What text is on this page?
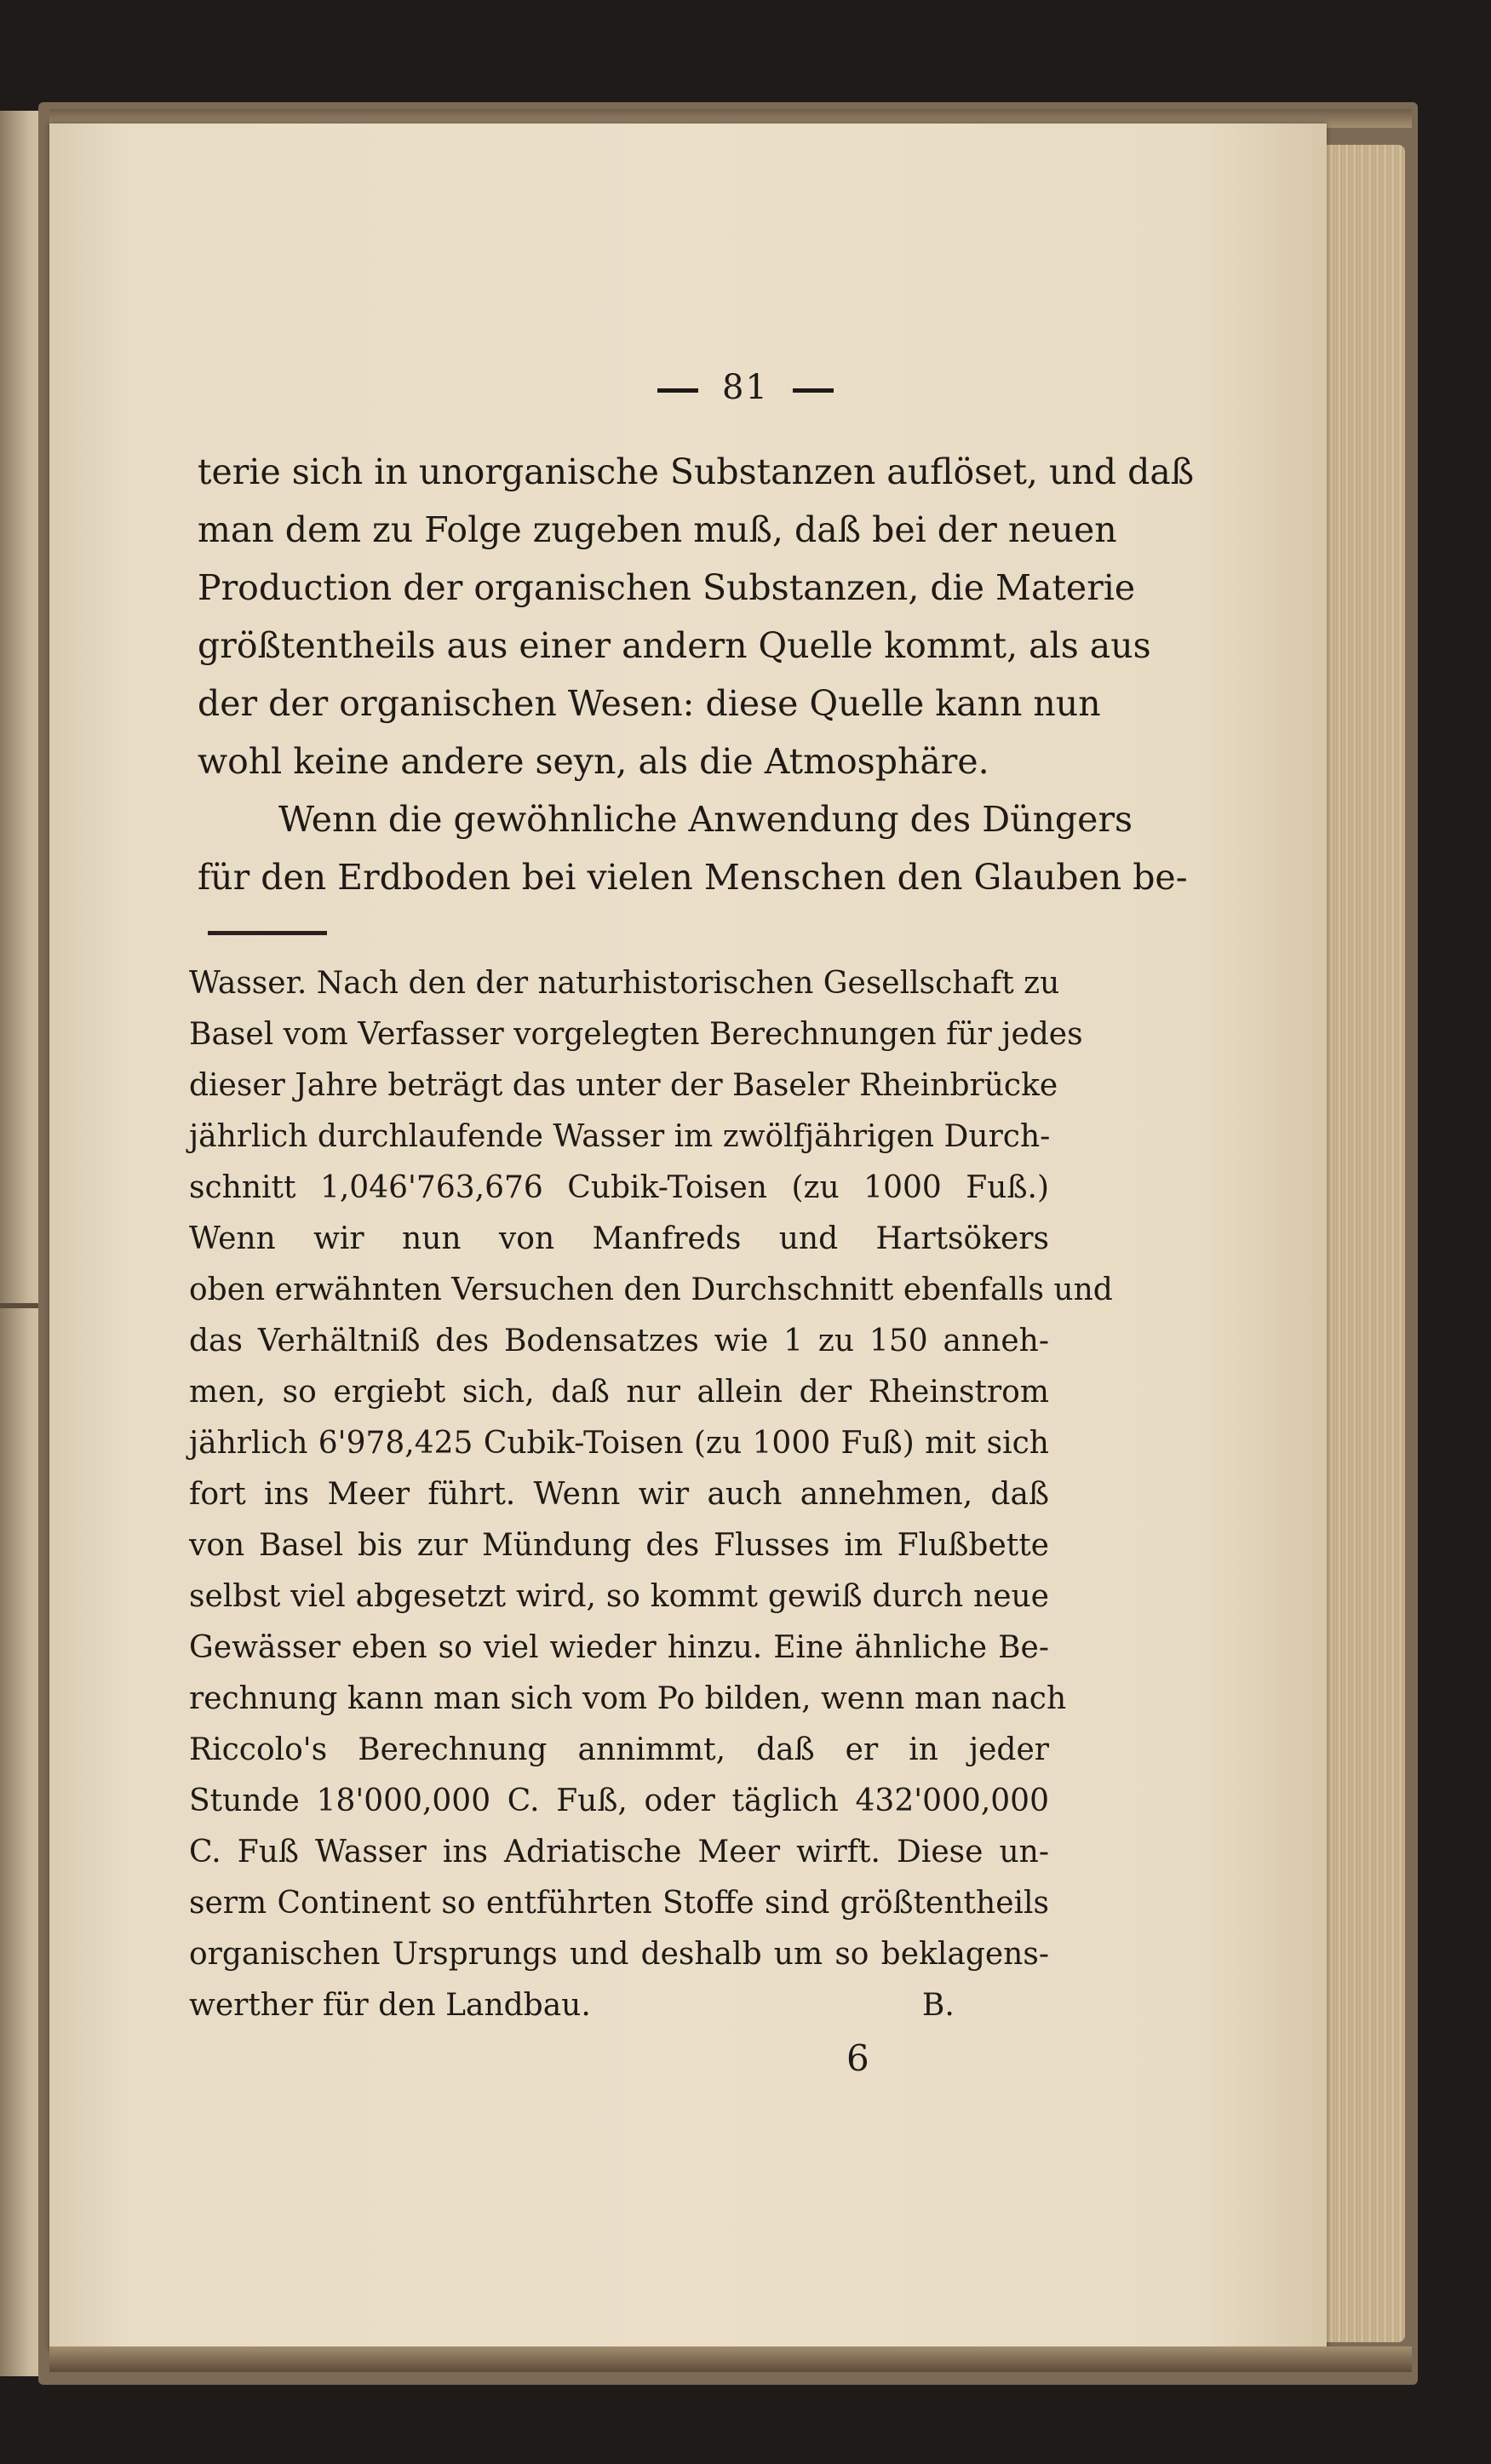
81
terie sich in unorganische Substanzen auflöset, und daß
man dem zu Folge zugeben muß, daß bei der neuen
Production der organischen Substanzen, die Materie
größtentheils aus einer andern Quelle kommt, als aus
der der organischen Wesen: diese Quelle kann nun
wohl keine andere seyn, als die Atmosphäre.
Wenn die gewöhnliche Anwendung des Düngers
für den Erdboden bei vielen Menschen den Glauben be-
Wasser. Nach den der naturhistorischen Gesellschaft zu
Basel vom Verfasser vorgelegten Berechnungen für jedes
dieser Jahre beträgt das unter der Baseler Rheinbrücke
jährlich durchlaufende Wasser im zwölfjährigen Durch-
schnitt 1,046'763,676 Cubik-Toisen (zu 1000 Fuß.)
Wenn wir nun von Manfreds und Hartsökers
oben erwähnten Versuchen den Durchschnitt ebenfalls und
das Verhältniß des Bodensatzes wie 1 zu 150 anneh-
men, so ergiebt sich, daß nur allein der Rheinstrom
jährlich 6'978,425 Cubik-Toisen (zu 1000 Fuß) mit sich
fort ins Meer führt. Wenn wir auch annehmen, daß
von Basel bis zur Mündung des Flusses im Flußbette
selbst viel abgesetzt wird, so kommt gewiß durch neue
Gewässer eben so viel wieder hinzu. Eine ähnliche Be-
rechnung kann man sich vom Po bilden, wenn man nach
Riccolo's Berechnung annimmt, daß er in jeder
Stunde 18'000,000 C. Fuß, oder täglich 432'000,000
C. Fuß Wasser ins Adriatische Meer wirft. Diese un-
serm Continent so entführten Stoffe sind größtentheils
organischen Ursprungs und deshalb um so beklagens-
werther für den Landbau.                                  B.
6
